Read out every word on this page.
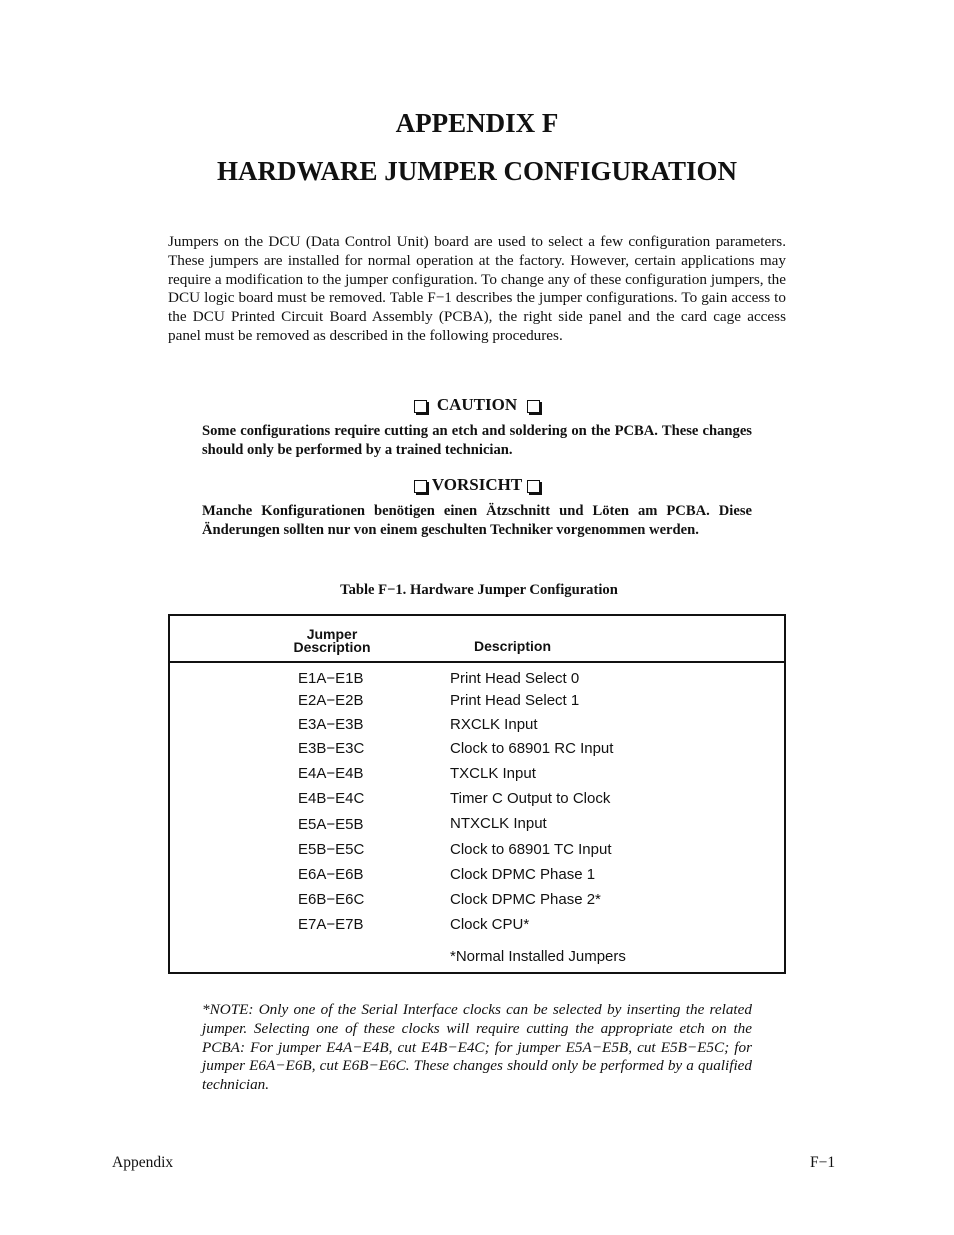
APPENDIX F
HARDWARE JUMPER CONFIGURATION

Jumpers on the DCU (Data Control Unit) board are used to select a few configuration parameters. These jumpers are installed for normal operation at the factory. However, certain applications may require a modification to the jumper configuration. To change any of these configuration jumpers, the DCU logic board must be removed. Table F−1 describes the jumper configurations. To gain access to the DCU Printed Circuit Board Assembly (PCBA), the right side panel and the card cage access panel must be removed as described in the following procedures.

CAUTION

Some configurations require cutting an etch and soldering on the PCBA. These changes should only be performed by a trained technician.

VORSICHT

Manche Konfigurationen benötigen einen Ätzschnitt und Löten am PCBA. Diese Änderungen sollten nur von einem geschulten Techniker vorgenommen werden.

Table F−1. Hardware Jumper Configuration

Jumper
Description	Description
E1A−E1B	Print Head Select 0
E2A−E2B	Print Head Select 1
E3A−E3B	RXCLK Input
E3B−E3C	Clock to 68901 RC Input
E4A−E4B	TXCLK Input
E4B−E4C	Timer C Output to Clock
E5A−E5B	NTXCLK Input
E5B−E5C	Clock to 68901 TC Input
E6A−E6B	Clock DPMC Phase 1
E6B−E6C	Clock DPMC Phase 2*
E7A−E7B	Clock CPU*
*Normal Installed Jumpers

*NOTE: Only one of the Serial Interface clocks can be selected by inserting the related jumper. Selecting one of these clocks will require cutting the appropriate etch on the PCBA: For jumper E4A−E4B, cut E4B−E4C; for jumper E5A−E5B, cut E5B−E5C; for jumper E6A−E6B, cut E6B−E6C. These changes should only be performed by a qualified technician.

Appendix	F−1
